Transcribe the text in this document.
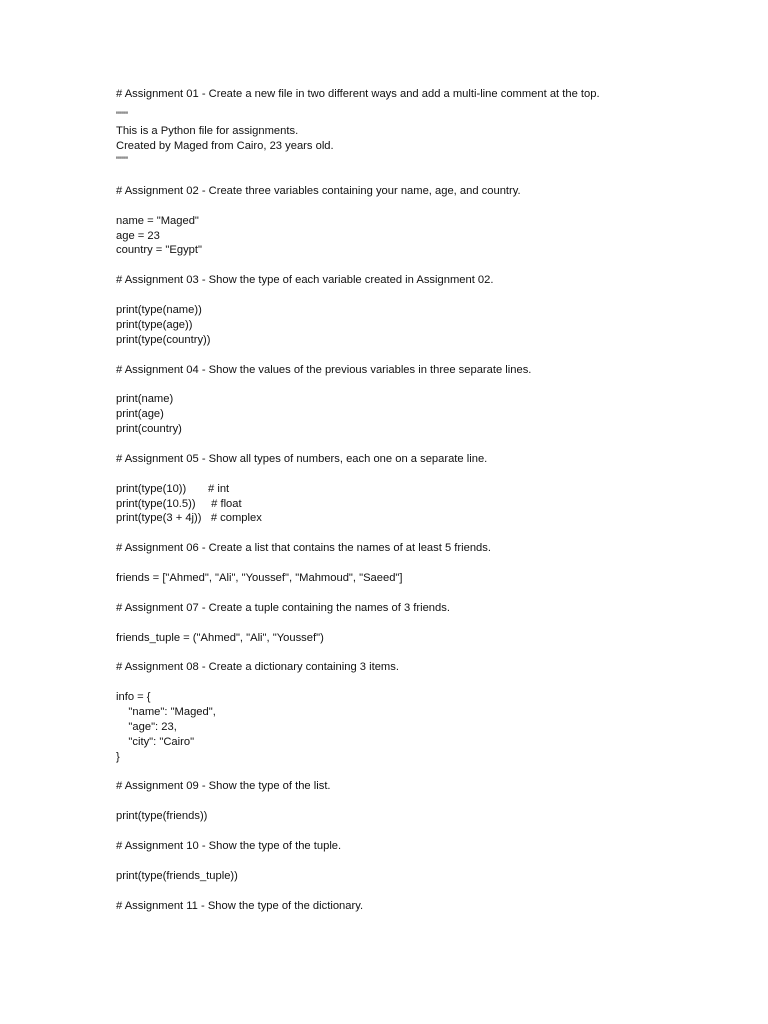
# Assignment 01 - Create a new file in two different ways and add a multi-line comment at the top.
"""
This is a Python file for assignments.
Created by Maged from Cairo, 23 years old.
"""
# Assignment 02 - Create three variables containing your name, age, and country.
name = "Maged"
age = 23
country = "Egypt"
# Assignment 03 - Show the type of each variable created in Assignment 02.
print(type(name))
print(type(age))
print(type(country))
# Assignment 04 - Show the values of the previous variables in three separate lines.
print(name)
print(age)
print(country)
# Assignment 05 - Show all types of numbers, each one on a separate line.
print(type(10))       # int
print(type(10.5))     # float
print(type(3 + 4j))   # complex
# Assignment 06 - Create a list that contains the names of at least 5 friends.
friends = ["Ahmed", "Ali", "Youssef", "Mahmoud", "Saeed"]
# Assignment 07 - Create a tuple containing the names of 3 friends.
friends_tuple = ("Ahmed", "Ali", "Youssef")
# Assignment 08 - Create a dictionary containing 3 items.
info = {
"name": "Maged",
"age": 23,
"city": "Cairo"
}
# Assignment 09 - Show the type of the list.
print(type(friends))
# Assignment 10 - Show the type of the tuple.
print(type(friends_tuple))
# Assignment 11 - Show the type of the dictionary.
